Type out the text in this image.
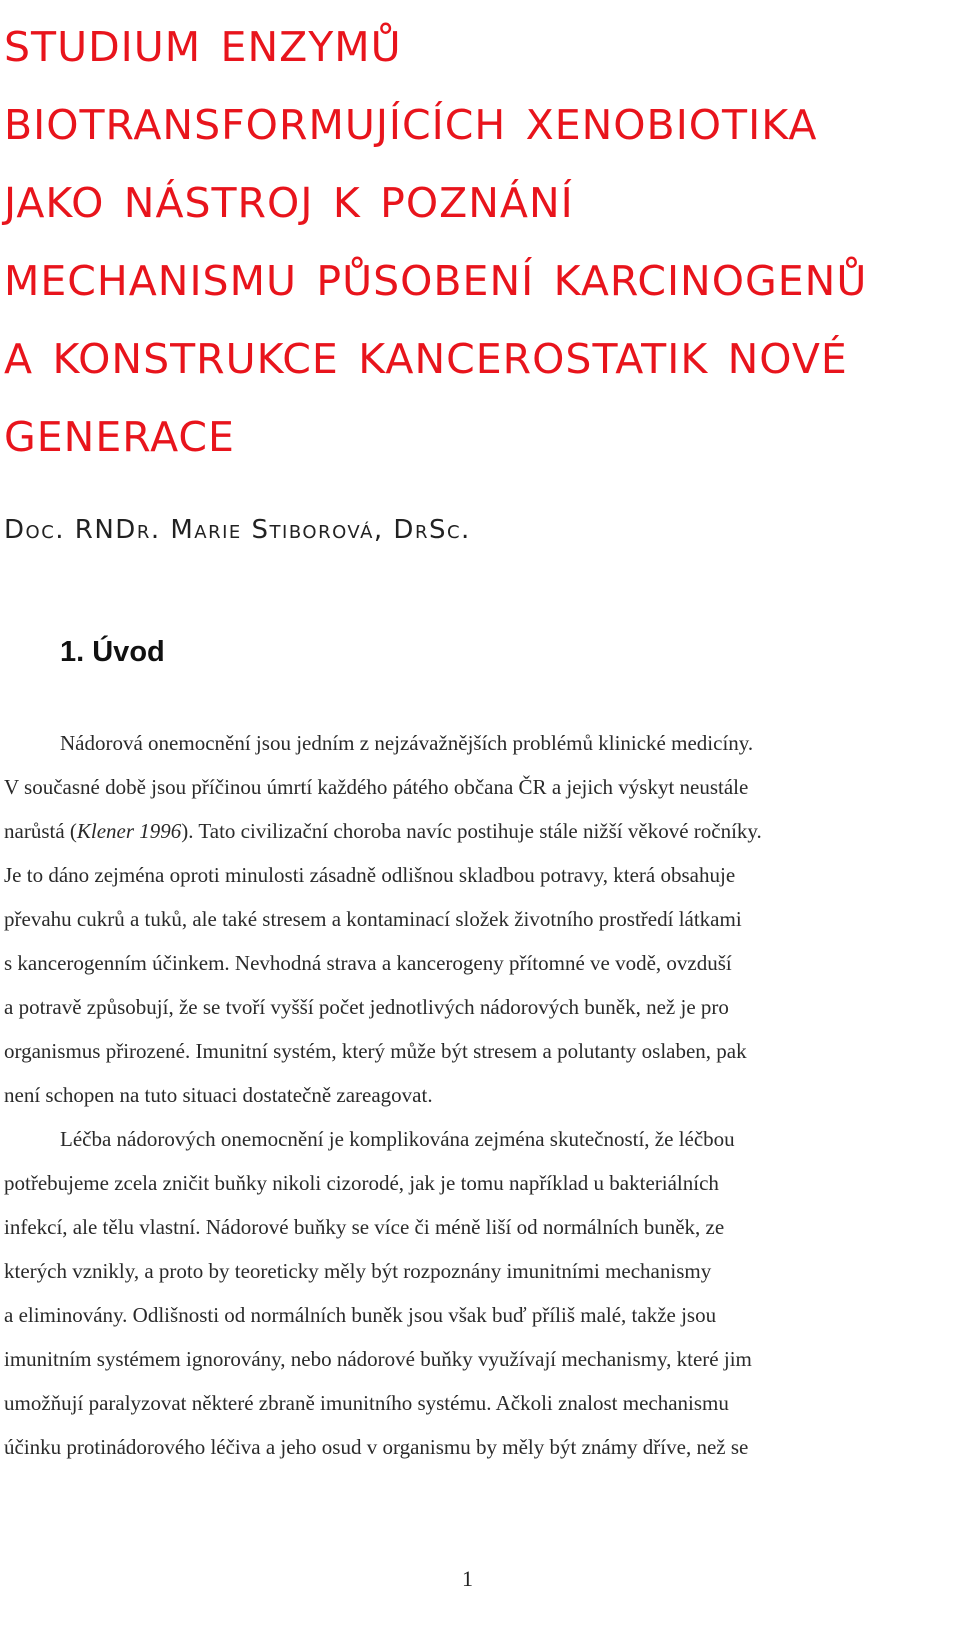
studium enzymů
biotransformujících xenobiotika
jako nástroj k poznání
mechanismu působení karcinogenů
a konstrukce kancerostatik nové
generace

Doc. RNDr. Marie Stiborová, DrSc.

1. Úvod
Nádorová onemocnění jsou jedním z nejzávažnějších problémů klinické medicíny.
V současné době jsou příčinou úmrtí každého pátého občana ČR a jejich výskyt neustále
narůstá (Klener 1996). Tato civilizační choroba navíc postihuje stále nižší věkové ročníky.
Je to dáno zejména oproti minulosti zásadně odlišnou skladbou potravy, která obsahuje
převahu cukrů a tuků, ale také stresem a kontaminací složek životního prostředí látkami
s kancerogenním účinkem. Nevhodná strava a kancerogeny přítomné ve vodě, ovzduší
a potravě způsobují, že se tvoří vyšší počet jednotlivých nádorových buněk, než je pro
organismus přirozené. Imunitní systém, který může být stresem a polutanty oslaben, pak
není schopen na tuto situaci dostatečně zareagovat.
Léčba nádorových onemocnění je komplikována zejména skutečností, že léčbou
potřebujeme zcela zničit buňky nikoli cizorodé, jak je tomu například u bakteriálních
infekcí, ale tělu vlastní. Nádorové buňky se více či méně liší od normálních buněk, ze
kterých vznikly, a proto by teoreticky měly být rozpoznány imunitními mechanismy
a eliminovány. Odlišnosti od normálních buněk jsou však buď příliš malé, takže jsou
imunitním systémem ignorovány, nebo nádorové buňky využívají mechanismy, které jim
umožňují paralyzovat některé zbraně imunitního systému. Ačkoli znalost mechanismu
účinku protinádorového léčiva a jeho osud v organismu by měly být známy dříve, než se
1
